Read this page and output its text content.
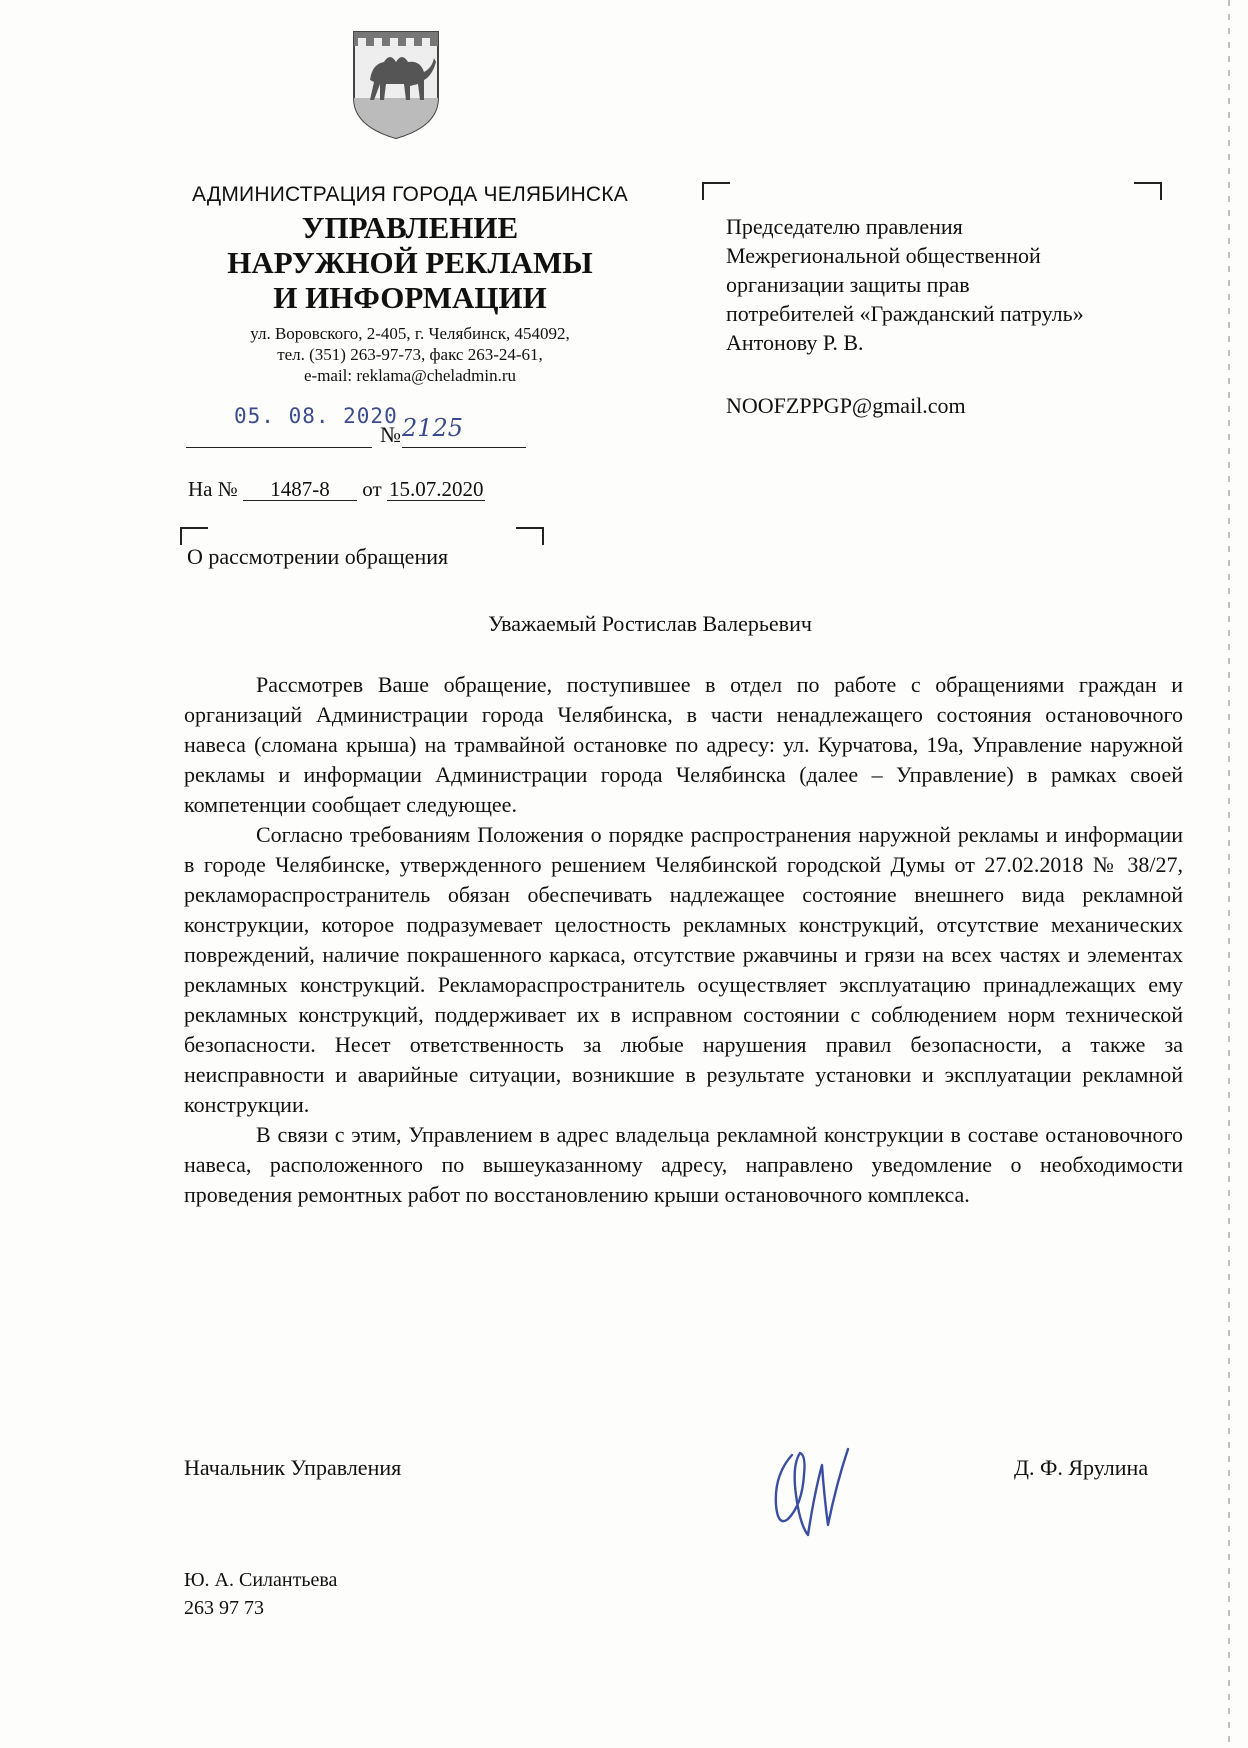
АДМИНИСТРАЦИЯ ГОРОДА ЧЕЛЯБИНСКА
УПРАВЛЕНИЕ
НАРУЖНОЙ РЕКЛАМЫ
И ИНФОРМАЦИИ
ул. Воровского, 2-405, г. Челябинск, 454092,
тел. (351) 263-97-73, факс 263-24-61,
e-mail: reklama@cheladmin.ru
05. 08. 2020
№ 2125
На № 1487-8 от 15.07.2020
О рассмотрении обращения
Председателю правления
Межрегиональной общественной
организации защиты прав
потребителей «Гражданский патруль»
Антонову Р. В.
NOOFZPPGP@gmail.com
Уважаемый Ростислав Валерьевич

Рассмотрев Ваше обращение, поступившее в отдел по работе с обращениями граждан и организаций Администрации города Челябинска, в части ненадлежащего состояния остановочного навеса (сломана крыша) на трамвайной остановке по адресу: ул. Курчатова, 19а, Управление наружной рекламы и информации Администрации города Челябинска (далее – Управление) в рамках своей компетенции сообщает следующее.

Согласно требованиям Положения о порядке распространения наружной рекламы и информации в городе Челябинске, утвержденного решением Челябинской городской Думы от 27.02.2018 № 38/27, рекламораспространитель обязан обеспечивать надлежащее состояние внешнего вида рекламной конструкции, которое подразумевает целостность рекламных конструкций, отсутствие механических повреждений, наличие покрашенного каркаса, отсутствие ржавчины и грязи на всех частях и элементах рекламных конструкций. Рекламораспространитель осуществляет эксплуатацию принадлежащих ему рекламных конструкций, поддерживает их в исправном состоянии с соблюдением норм технической безопасности. Несет ответственность за любые нарушения правил безопасности, а также за неисправности и аварийные ситуации, возникшие в результате установки и эксплуатации рекламной конструкции.

В связи с этим, Управлением в адрес владельца рекламной конструкции в составе остановочного навеса, расположенного по вышеуказанному адресу, направлено уведомление о необходимости проведения ремонтных работ по восстановлению крыши остановочного комплекса.

Начальник Управления	Д. Ф. Ярулина
Ю. А. Силантьева
263 97 73
